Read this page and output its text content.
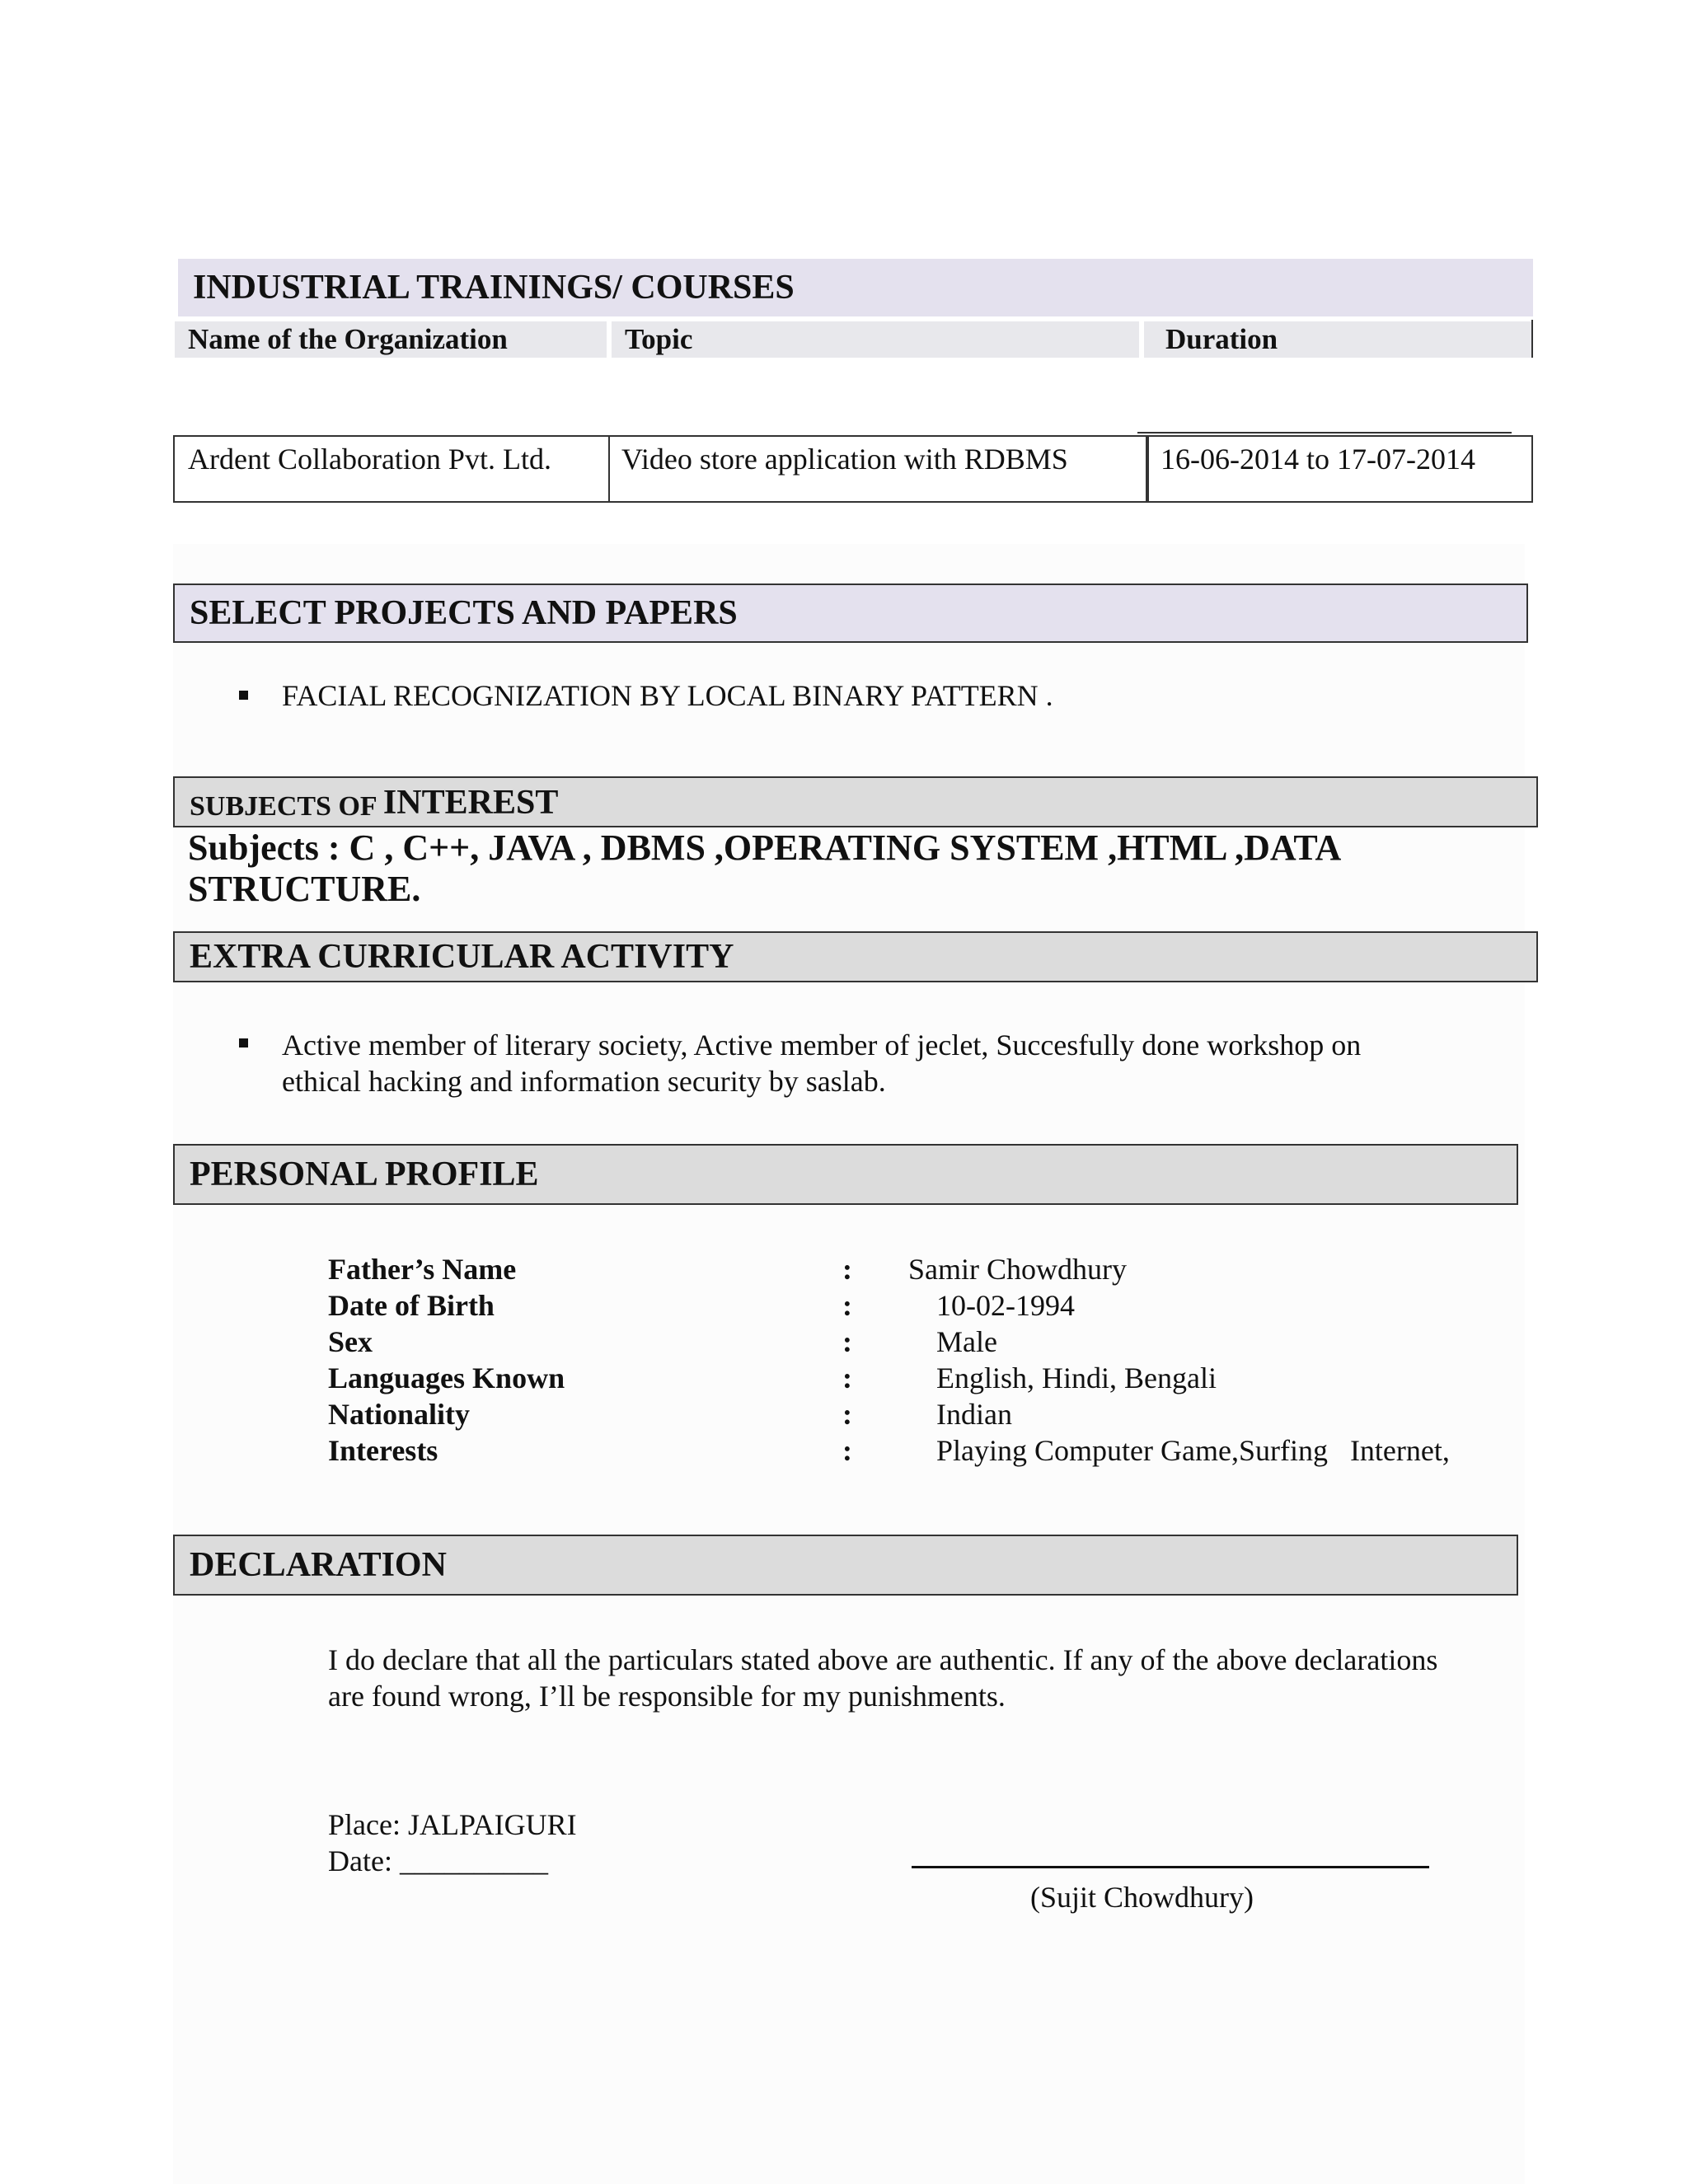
INDUSTRIAL TRAININGS/ COURSES
Name of the Organization	Topic	Duration
Ardent Collaboration Pvt. Ltd.	Video store application with RDBMS	16-06-2014 to 17-07-2014
SELECT PROJECTS AND PAPERS
FACIAL RECOGNIZATION BY LOCAL BINARY PATTERN .
SUBJECTS OF INTEREST
Subjects : C , C++, JAVA , DBMS ,OPERATING SYSTEM ,HTML ,DATA
STRUCTURE.
EXTRA CURRICULAR ACTIVITY
Active member of literary society, Active member of jeclet, Succesfully done workshop on
ethical hacking and information security by saslab.
PERSONAL PROFILE
Father’s Name	: Samir Chowdhury
Date of Birth	:	10-02-1994
Sex	:	Male
Languages Known	:	English, Hindi, Bengali
Nationality	:	Indian
Interests	:	Playing Computer Game,Surfing   Internet,
DECLARATION
I do declare that all the particulars stated above are authentic. If any of the above declarations
are found wrong, I’ll be responsible for my punishments.
Place: JALPAIGURI
Date: __________
(Sujit Chowdhury)
